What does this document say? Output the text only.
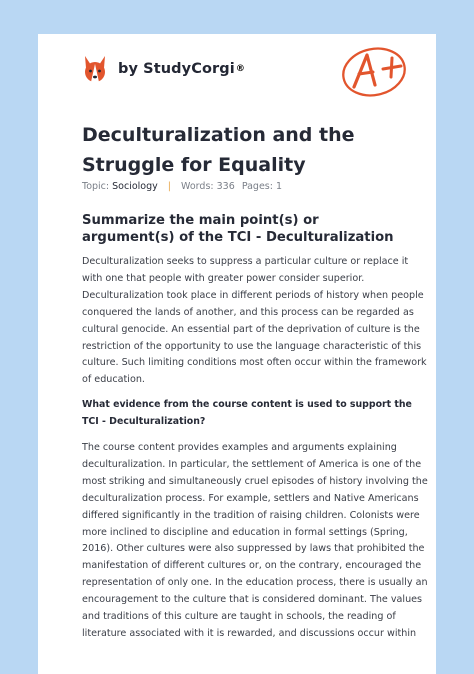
by StudyCorgi ®
Deculturalization and the Struggle for Equality
Topic: Sociology | Words: 336 Pages: 1
Summarize the main point(s) or argument(s) of the TCI - Deculturalization

Deculturalization seeks to suppress a particular culture or replace it with one that people with greater power consider superior. Deculturalization took place in different periods of history when people conquered the lands of another, and this process can be regarded as cultural genocide. An essential part of the deprivation of culture is the restriction of the opportunity to use the language characteristic of this culture. Such limiting conditions most often occur within the framework of education.

What evidence from the course content is used to support the TCI - Deculturalization?

The course content provides examples and arguments explaining deculturalization. In particular, the settlement of America is one of the most striking and simultaneously cruel episodes of history involving the deculturalization process. For example, settlers and Native Americans differed significantly in the tradition of raising children. Colonists were more inclined to discipline and education in formal settings (Spring, 2016). Other cultures were also suppressed by laws that prohibited the manifestation of different cultures or, on the contrary, encouraged the representation of only one. In the education process, there is usually an encouragement to the culture that is considered dominant. The values and traditions of this culture are taught in schools, the reading of literature associated with it is rewarded, and discussions occur within
